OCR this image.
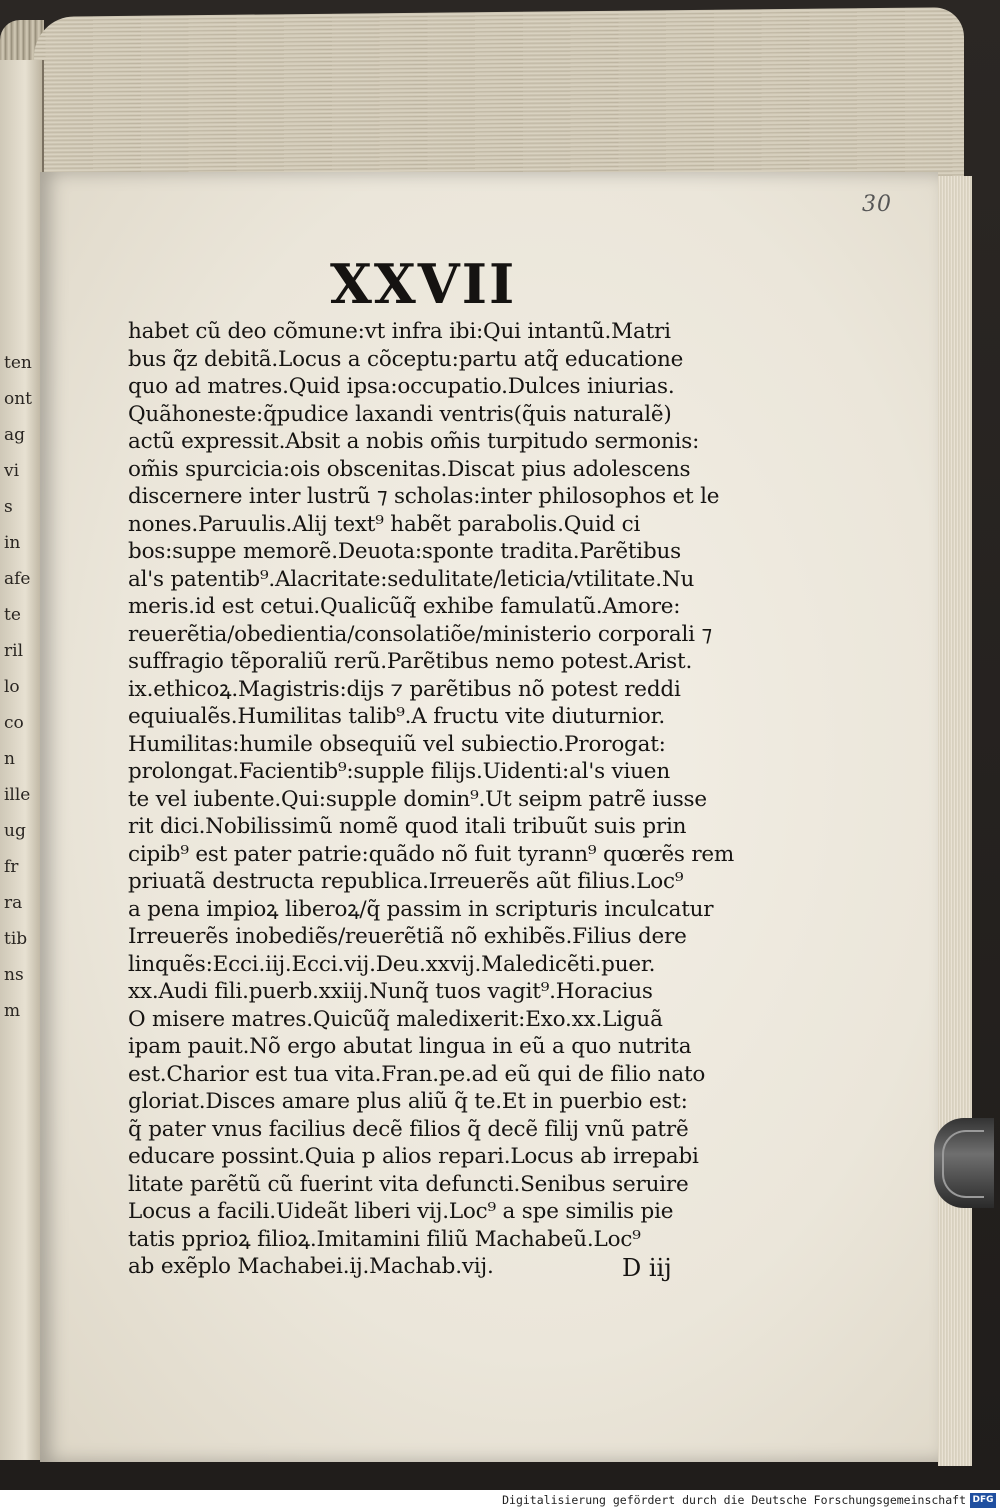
ten
ont
ag
vi
s
in
afe
te
ril
lo
co
n
ille
ug
fr
ra
tib
ns
m
30
XXVII
habet cũ deo cõmune:vt infra ibi:Qui intantũ.Matri
bus q̃z debitã.Locus a cõceptu:partu atq̃ educatione
quo ad matres.Quid ipsa:occupatio.Dulces iniurias.
Quãhoneste:q̃pudice laxandi ventris(q̃uis naturalẽ)
actũ expressit.Absit a nobis om̃is turpitudo sermonis:
om̃is spurcicia:ois obscenitas.Discat pius adolescens
discernere inter lustrũ ⁊ scholas:inter philosophos et le
nones.Paruulis.Alij text⁹ habẽt parabolis.Quid ci
bos:suppe memorẽ.Deuota:sponte tradita.Parẽtibus
al's patentib⁹.Alacritate:sedulitate/leticia/vtilitate.Nu
meris.id est cetui.Qualicũq̃ exhibe famulatũ.Amore:
reuerẽtia/obedientia/consolatiõe/ministerio corporali ⁊
suffragio tẽporaliũ rerũ.Parẽtibus nemo potest.Arist.
ix.ethicoꝝ.Magistris:dijs ⁊ parẽtibus nõ potest reddi
equiualẽs.Humilitas talib⁹.A fructu vite diuturnior.
Humilitas:humile obsequiũ vel subiectio.Prorogat:
prolongat.Facientib⁹:supple filijs.Uidenti:al's viuen
te vel iubente.Qui:supple domin⁹.Ut seipm patrẽ iusse
rit dici.Nobilissimũ nomẽ quod itali tribuũt suis prin
cipib⁹ est pater patrie:quãdo nõ fuit tyrann⁹ quœrẽs rem
priuatã destructa republica.Irreuerẽs aũt filius.Loc⁹
a pena impioꝝ liberoꝝ/q̃ passim in scripturis inculcatur
Irreuerẽs inobediẽs/reuerẽtiã nõ exhibẽs.Filius dere
linquẽs:Ecci.iij.Ecci.vij.Deu.xxvij.Maledicẽti.puer.
xx.Audi fili.puerb.xxiij.Nunq̃ tuos vagit⁹.Horacius
O misere matres.Quicũq̃ maledixerit:Exo.xx.Liguã
ipam pauit.Nõ ergo abutat lingua in eũ a quo nutrita
est.Charior est tua vita.Fran.pe.ad eũ qui de filio nato
gloriat.Disces amare plus aliũ q̃ te.Et in puerbio est:
q̃ pater vnus facilius decẽ filios q̃ decẽ filij vnũ patrẽ
educare possint.Quia p alios repari.Locus ab irrepabi
litate parẽtũ cũ fuerint vita defuncti.Senibus seruire
Locus a facili.Uideãt liberi vij.Loc⁹ a spe similis pie
tatis pprioꝝ filioꝝ.Imitamini filiũ Machabeũ.Loc⁹
ab exẽplo Machabei.ij.Machab.vij.	D iij
Digitalisierung gefördert durch die Deutsche Forschungsgemeinschaft DFG
